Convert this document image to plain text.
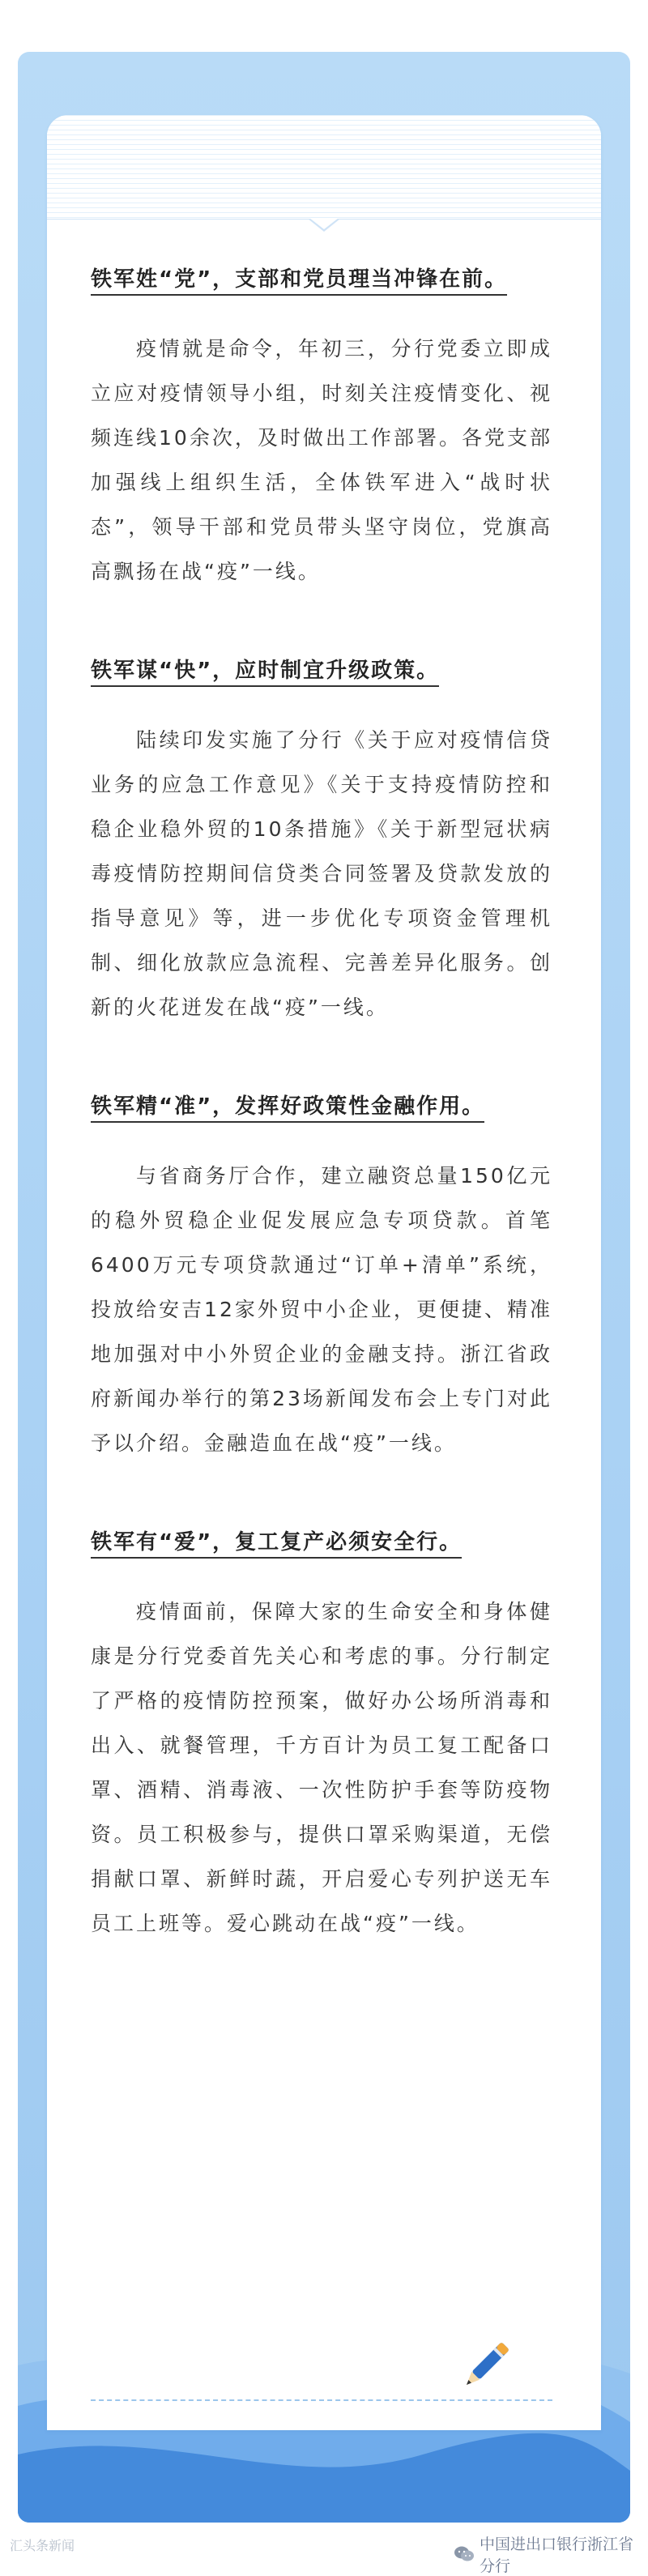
铁军姓“党”，支部和党员理当冲锋在前。

疫情就是命令，年初三，分行党委立即成立应对疫情领导小组，时刻关注疫情变化、视频连线10余次，及时做出工作部署。各党支部加强线上组织生活，全体铁军进入“战时状态”，领导干部和党员带头坚守岗位，党旗高高飘扬在战“疫”一线。

铁军谋“快”，应时制宜升级政策。

陆续印发实施了分行《关于应对疫情信贷业务的应急工作意见》《关于支持疫情防控和稳企业稳外贸的10条措施》《关于新型冠状病毒疫情防控期间信贷类合同签署及贷款发放的指导意见》等，进一步优化专项资金管理机制、细化放款应急流程、完善差异化服务。创新的火花迸发在战“疫”一线。

铁军精“准”，发挥好政策性金融作用。

与省商务厅合作，建立融资总量150亿元的稳外贸稳企业促发展应急专项贷款。首笔6400万元专项贷款通过“订单+清单”系统，投放给安吉12家外贸中小企业，更便捷、精准地加强对中小外贸企业的金融支持。浙江省政府新闻办举行的第23场新闻发布会上专门对此予以介绍。金融造血在战“疫”一线。

铁军有“爱”，复工复产必须安全行。

疫情面前，保障大家的生命安全和身体健康是分行党委首先关心和考虑的事。分行制定了严格的疫情防控预案，做好办公场所消毒和出入、就餐管理，千方百计为员工复工配备口罩、酒精、消毒液、一次性防护手套等防疫物资。员工积极参与，提供口罩采购渠道，无偿捐献口罩、新鲜时蔬，开启爱心专列护送无车员工上班等。爱心跳动在战“疫”一线。

汇头条新闻	中国进出口银行浙江省分行
